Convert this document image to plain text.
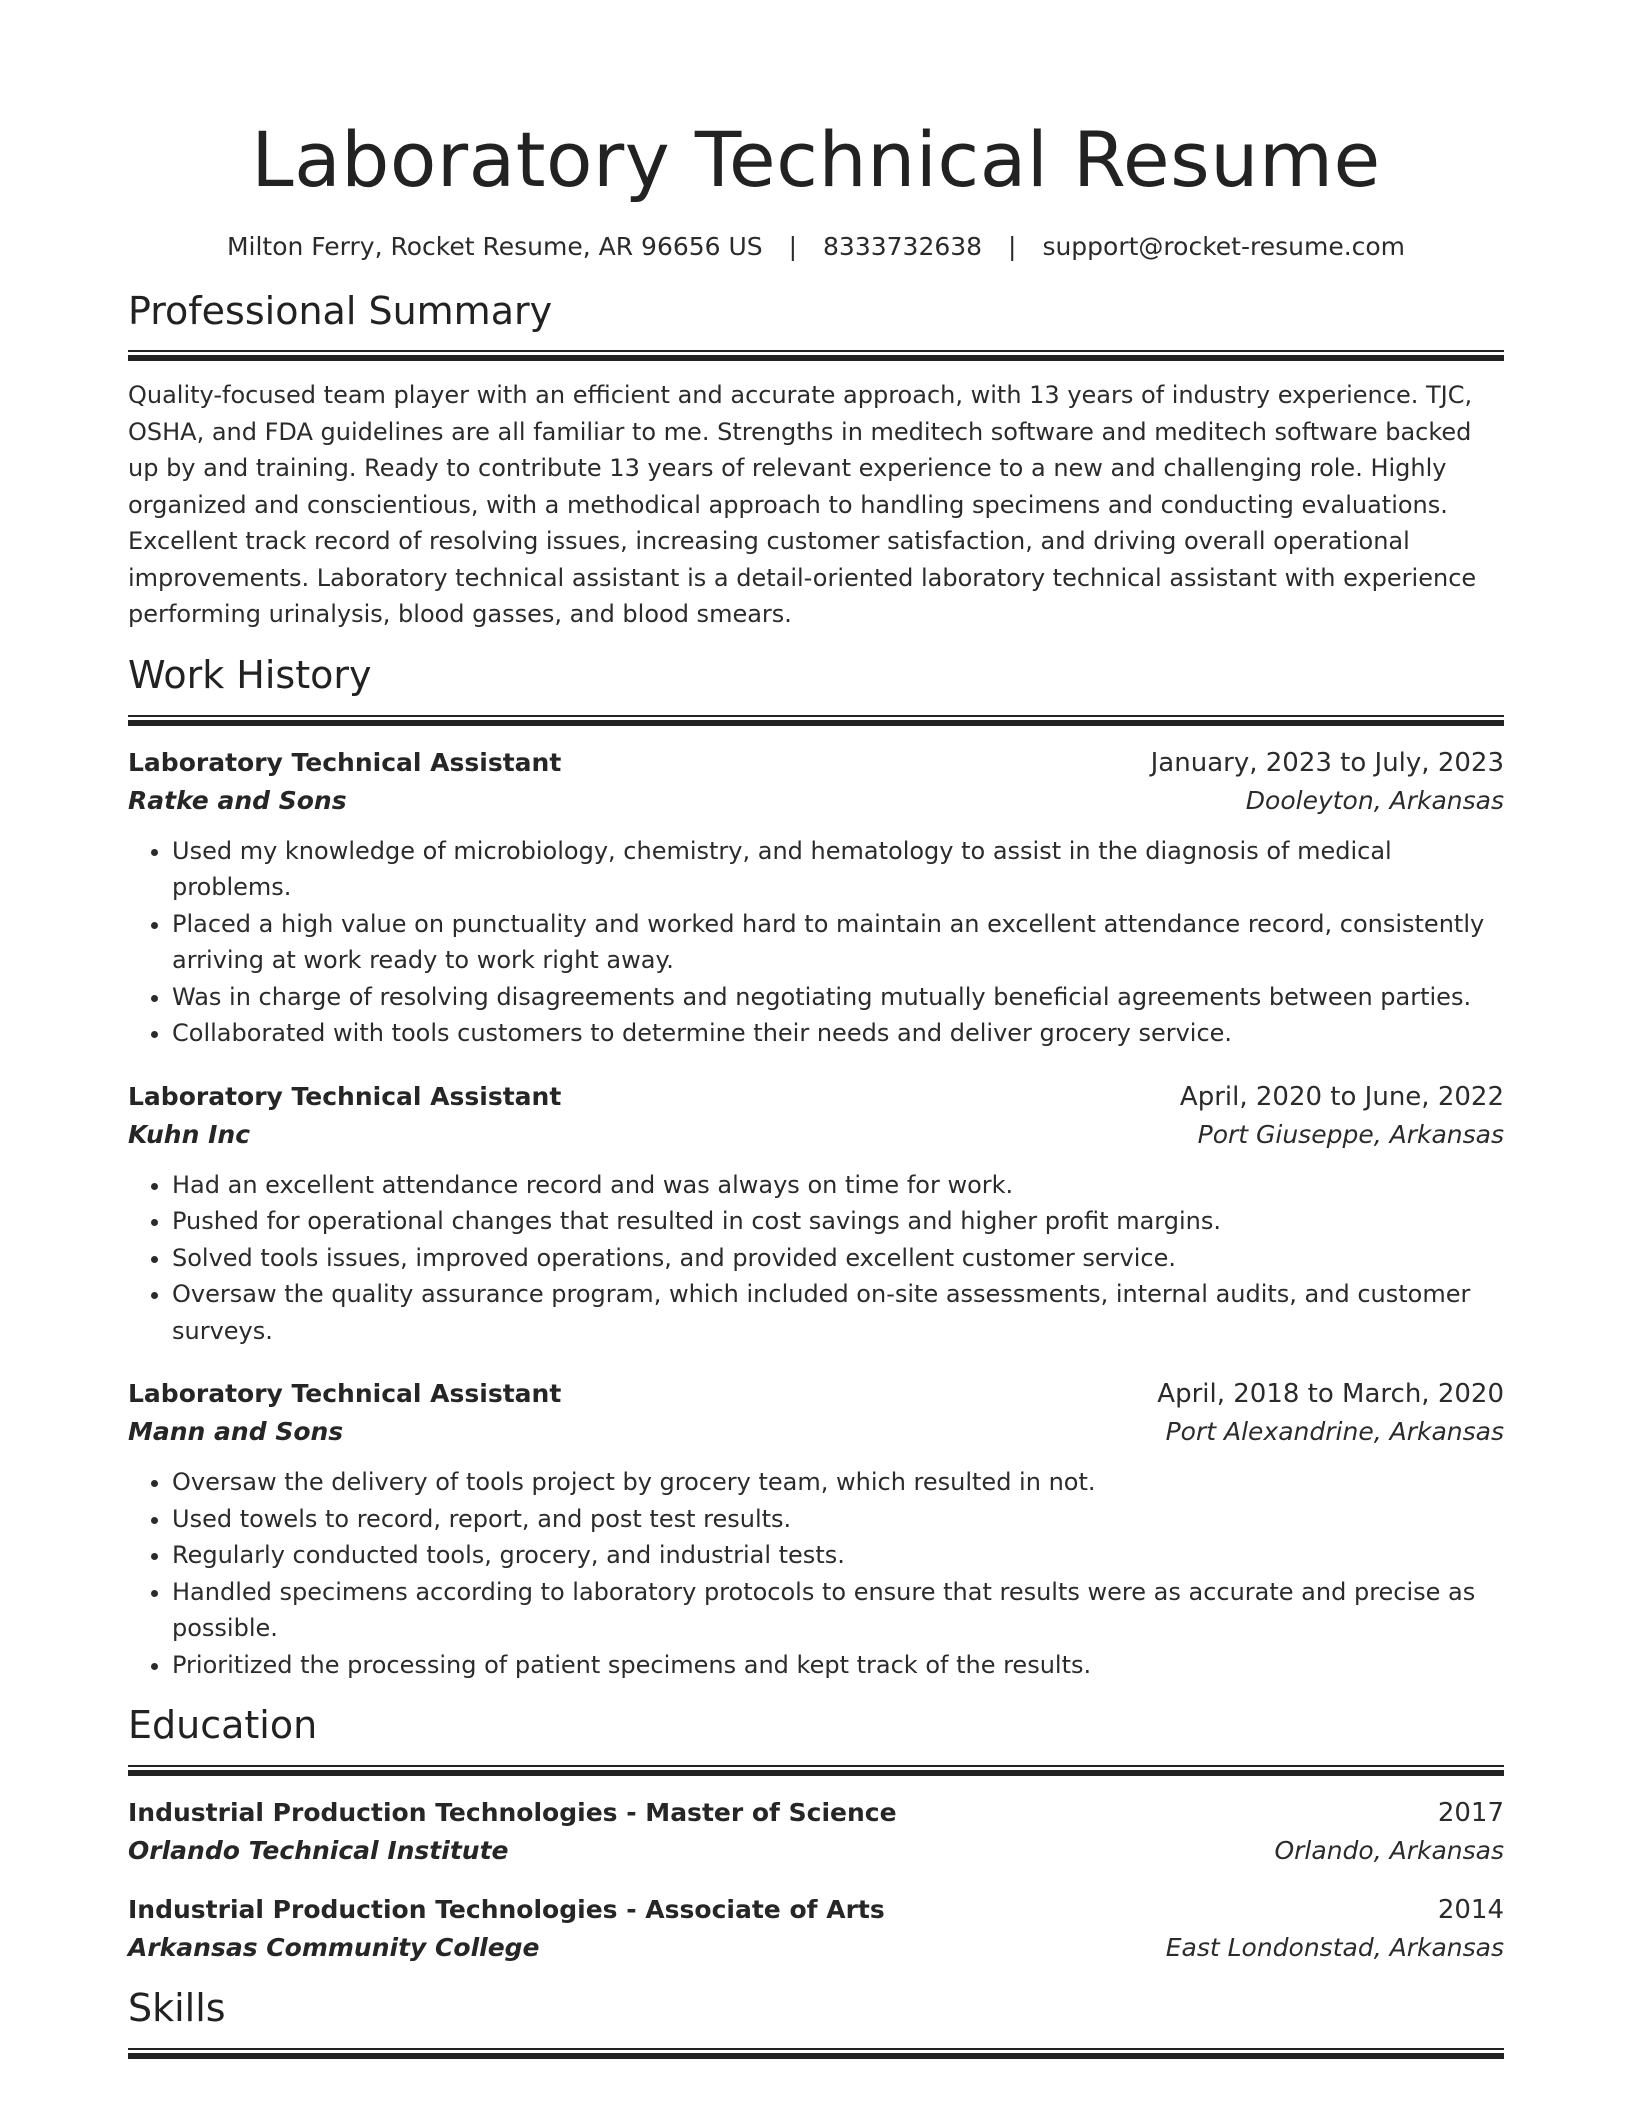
Laboratory Technical Resume
Milton Ferry, Rocket Resume, AR 96656 US | 8333732638 | support@rocket-resume.com
Professional Summary
Quality-focused team player with an efficient and accurate approach, with 13 years of industry experience. TJC, OSHA, and FDA guidelines are all familiar to me. Strengths in meditech software and meditech software backed up by and training. Ready to contribute 13 years of relevant experience to a new and challenging role. Highly organized and conscientious, with a methodical approach to handling specimens and conducting evaluations. Excellent track record of resolving issues, increasing customer satisfaction, and driving overall operational improvements. Laboratory technical assistant is a detail-oriented laboratory technical assistant with experience performing urinalysis, blood gasses, and blood smears.
Work History
Laboratory Technical Assistant	January, 2023 to July, 2023
Ratke and Sons	Dooleyton, Arkansas
• Used my knowledge of microbiology, chemistry, and hematology to assist in the diagnosis of medical problems.
• Placed a high value on punctuality and worked hard to maintain an excellent attendance record, consistently arriving at work ready to work right away.
• Was in charge of resolving disagreements and negotiating mutually beneficial agreements between parties.
• Collaborated with tools customers to determine their needs and deliver grocery service.
Laboratory Technical Assistant	April, 2020 to June, 2022
Kuhn Inc	Port Giuseppe, Arkansas
• Had an excellent attendance record and was always on time for work.
• Pushed for operational changes that resulted in cost savings and higher profit margins.
• Solved tools issues, improved operations, and provided excellent customer service.
• Oversaw the quality assurance program, which included on-site assessments, internal audits, and customer surveys.
Laboratory Technical Assistant	April, 2018 to March, 2020
Mann and Sons	Port Alexandrine, Arkansas
• Oversaw the delivery of tools project by grocery team, which resulted in not.
• Used towels to record, report, and post test results.
• Regularly conducted tools, grocery, and industrial tests.
• Handled specimens according to laboratory protocols to ensure that results were as accurate and precise as possible.
• Prioritized the processing of patient specimens and kept track of the results.
Education
Industrial Production Technologies - Master of Science	2017
Orlando Technical Institute	Orlando, Arkansas
Industrial Production Technologies - Associate of Arts	2014
Arkansas Community College	East Londonstad, Arkansas
Skills
